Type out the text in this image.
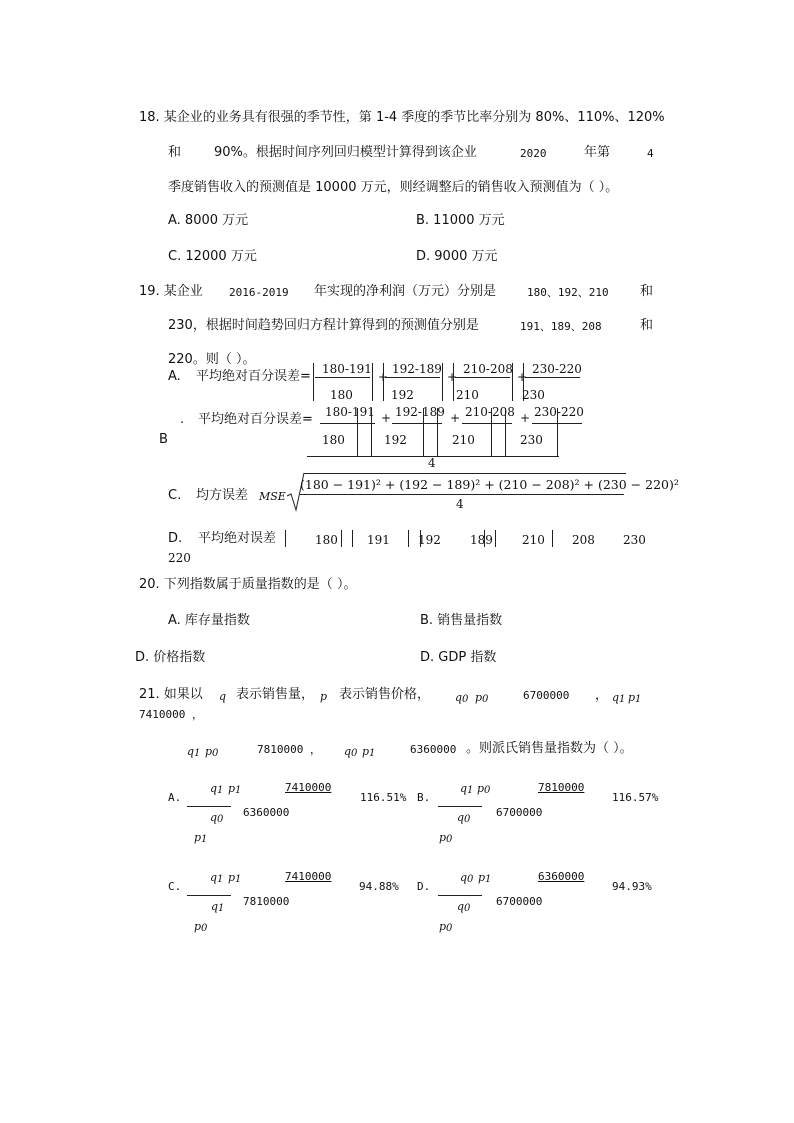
18. 某企业的业务具有很强的季节性，第 1-4 季度的季节比率分别为 80%、110%、120%
和	90%。根据时间序列回归模型计算得到该企业	2020	年第	4
季度销售收入的预测值是 10000 万元，则经调整后的销售收入预测值为（ ）。
A. 8000 万元	B. 11000 万元
C. 12000 万元	D. 9000 万元
19. 某企业 2016-2019 年实现的净利润（万元）分别是	180、192、210 和
230，根据时间趋势回归方程计算得到的预测值分别是	191、189、208	和
220。则（ ）。
A. 平均绝对百分误差= 180-191 192-189 210-208 230-220
+	+	+
180	192	210	230
.
B
平均绝对百分误差= 180-191 192-189 210-208 230-220
+	+	+
180	192	210	230
4
C. 均方误差 MSE
(180 − 191)² + (192 − 189)² + (210 − 208)² + (230 − 220)²
4
D. 平均绝对误差	180 191 192 189 210 208 230
220
20. 下列指数属于质量指数的是（ ）。
A. 库存量指数	B. 销售量指数
D. 价格指数	D. GDP 指数
21. 如果以 q 表示销售量， p 表示销售价格， q 0 p 0	6700000 ， q 1 p 1
7410000 ，
q 1 p 0	7810000 ， q 0 p 1	6360000 。则派氏销售量指数为（ ）。
A.
q 1 p 1
q 0
p 1
7410000
6360000
116.51% B.
q 1 p 0
q 0
p 0
7810000
6700000
116.57%
C.
q 1 p 1
q 1
p 0
7410000
7810000
94.88% D.
q 0 p 1
q 0
p 0
6360000
6700000
94.93%
